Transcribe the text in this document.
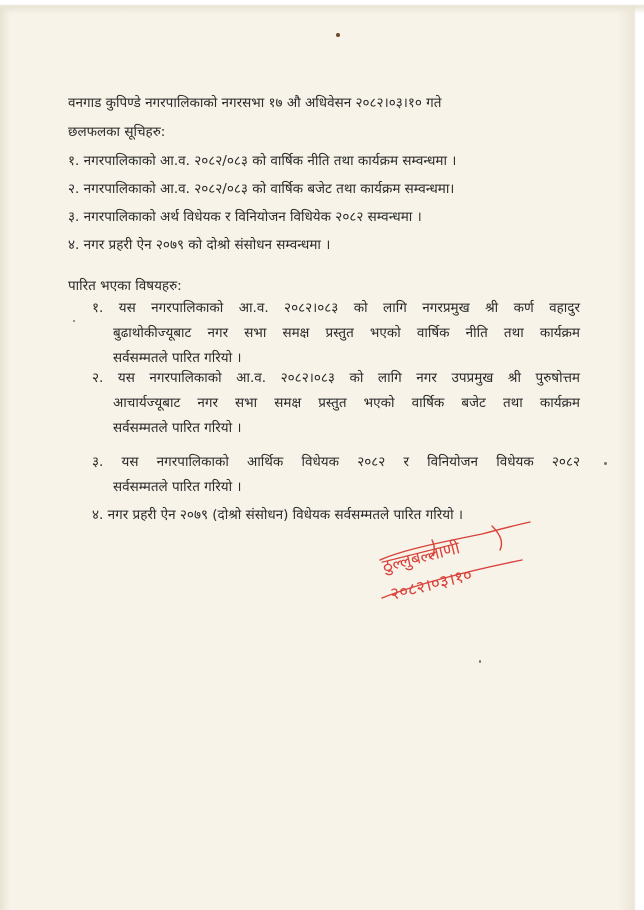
वनगाड कुपिण्डे नगरपालिकाको नगरसभा १७ औ अधिवेसन २०८२।०३।१० गते
छलफलका सूचिहरु:
१. नगरपालिकाको आ.व. २०८२/०८३ को वार्षिक नीति तथा कार्यक्रम सम्वन्धमा ।
२. नगरपालिकाको आ.व. २०८२/०८३ को वार्षिक बजेट तथा कार्यक्रम सम्वन्धमा।
३. नगरपालिकाको अर्थ विधेयक र विनियोजन विधियेक २०८२ सम्वन्धमा ।
४. नगर प्रहरी ऐन २०७९ को दोश्रो संसोधन सम्वन्धमा ।
पारित भएका विषयहरु:
१. यस नगरपालिकाको आ.व. २०८२।०८३ को लागि नगरप्रमुख श्री कर्ण वहादुर
बुढाथोकीज्यूबाट नगर सभा समक्ष प्रस्तुत भएको वार्षिक नीति तथा कार्यक्रम
सर्वसम्मतले पारित गरियो ।
२. यस नगरपालिकाको आ.व. २०८२।०८३ को लागि नगर उपप्रमुख श्री पुरुषोत्तम
आचार्यज्यूबाट नगर सभा समक्ष प्रस्तुत भएको वार्षिक बजेट तथा कार्यक्रम
सर्वसम्मतले पारित गरियो ।
३. यस नगरपालिकाको आर्थिक विधेयक २०८२ र विनियोजन विधेयक २०८२
सर्वसम्मतले पारित गरियो ।
४. नगर प्रहरी ऐन २०७९ (दोश्रो संसोधन) विधेयक सर्वसम्मतले पारित गरियो ।
ठुल्लुबल्लाणी
२०८२।०३।१०
